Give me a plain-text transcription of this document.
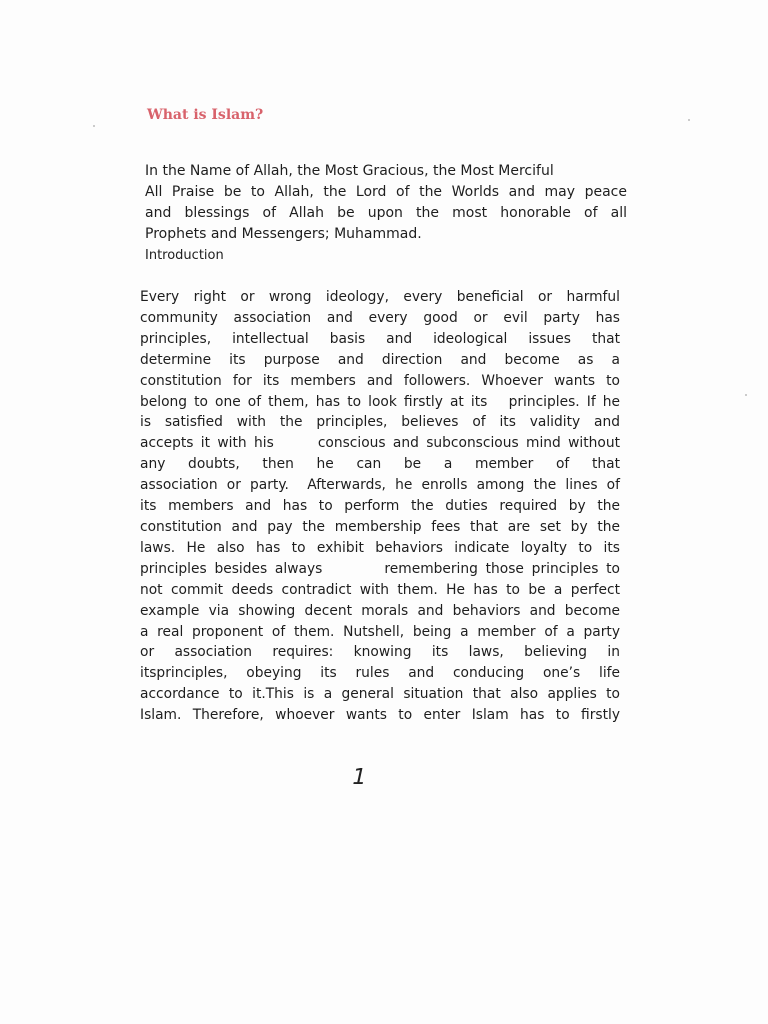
What is Islam?

In the Name of Allah, the Most Gracious, the Most Merciful

All Praise be to Allah, the Lord of the Worlds and may peace

and blessings of Allah be upon the most honorable of all

Prophets and Messengers; Muhammad.

Introduction

Every right or wrong ideology, every beneficial or harmful
community association and every good or evil party has
principles, intellectual basis and ideological issues that
determine its purpose and direction and become as a
constitution for its members and followers. Whoever wants to
belong to one of them, has to look firstly at its   principles. If he
is satisfied with the principles, believes of its validity and
accepts it with his      conscious and subconscious mind without
any doubts, then he can be a member of that
association or party.  Afterwards, he enrolls among the lines of
its members and has to perform the duties required by the
constitution and pay the membership fees that are set by the
laws. He also has to exhibit behaviors indicate loyalty to its
principles besides always        remembering those principles to
not commit deeds contradict with them. He has to be a perfect
example via showing decent morals and behaviors and become
a real proponent of them. Nutshell, being a member of a party
or association requires: knowing its laws, believing in
itsprinciples, obeying its rules and conducing one’s life
accordance to it.This is a general situation that also applies to
Islam. Therefore, whoever wants to enter Islam has to firstly
1
